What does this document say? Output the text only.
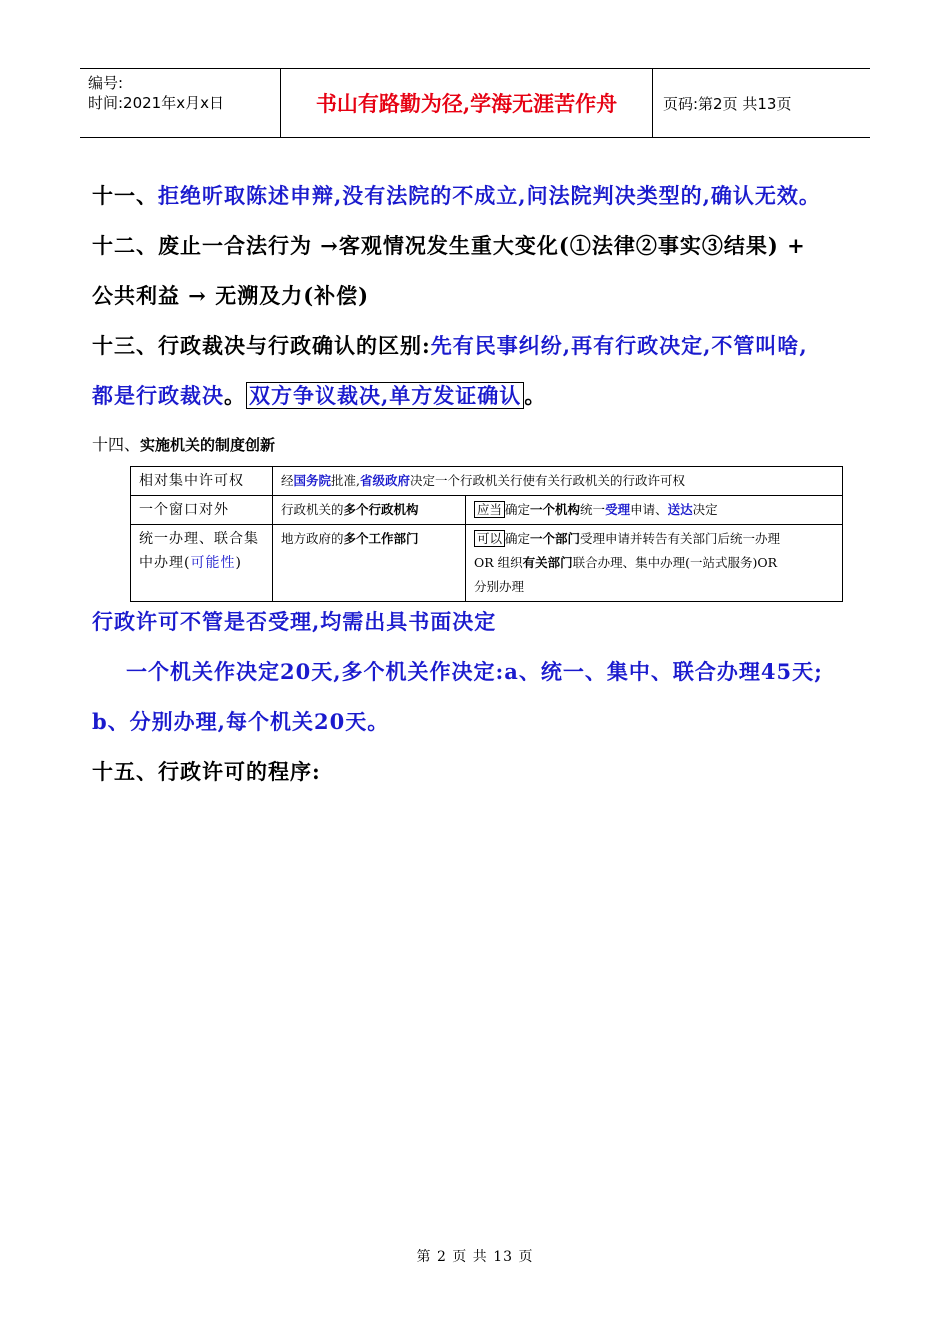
编号:
时间:2021年x月x日	书山有路勤为径,学海无涯苦作舟	页码:第2页 共13页
十一、拒绝听取陈述申辩,没有法院的不成立,问法院判决类型的,确认无效。
十二、废止一合法行为 →客观情况发生重大变化(①法律②事实③结果) +
公共利益 → 无溯及力(补偿)
十三、行政裁决与行政确认的区别:先有民事纠纷,再有行政决定,不管叫啥,
都是行政裁决。 双方争议裁决,单方发证确认 。
十四、实施机关的制度创新
相对集中许可权	经国务院批准,省级政府决定一个行政机关行使有关行政机关的行政许可权	
一个窗口对外	行政机关的多个行政机构	应当 确定一个机构统一受理申请、送达决定
统一办理、联合集中办理(可能性)	地方政府的多个工作部门	可以 确定一个部门受理申请并转告有关部门后统一办理
OR 组织有关部门联合办理、集中办理(一站式服务)OR
分别办理
行政许可不管是否受理,均需出具书面决定
一个机关作决定20天,多个机关作决定:a、统一、集中、联合办理45天;
b、分别办理,每个机关20天。
十五、行政许可的程序:
第 2 页 共 13 页
